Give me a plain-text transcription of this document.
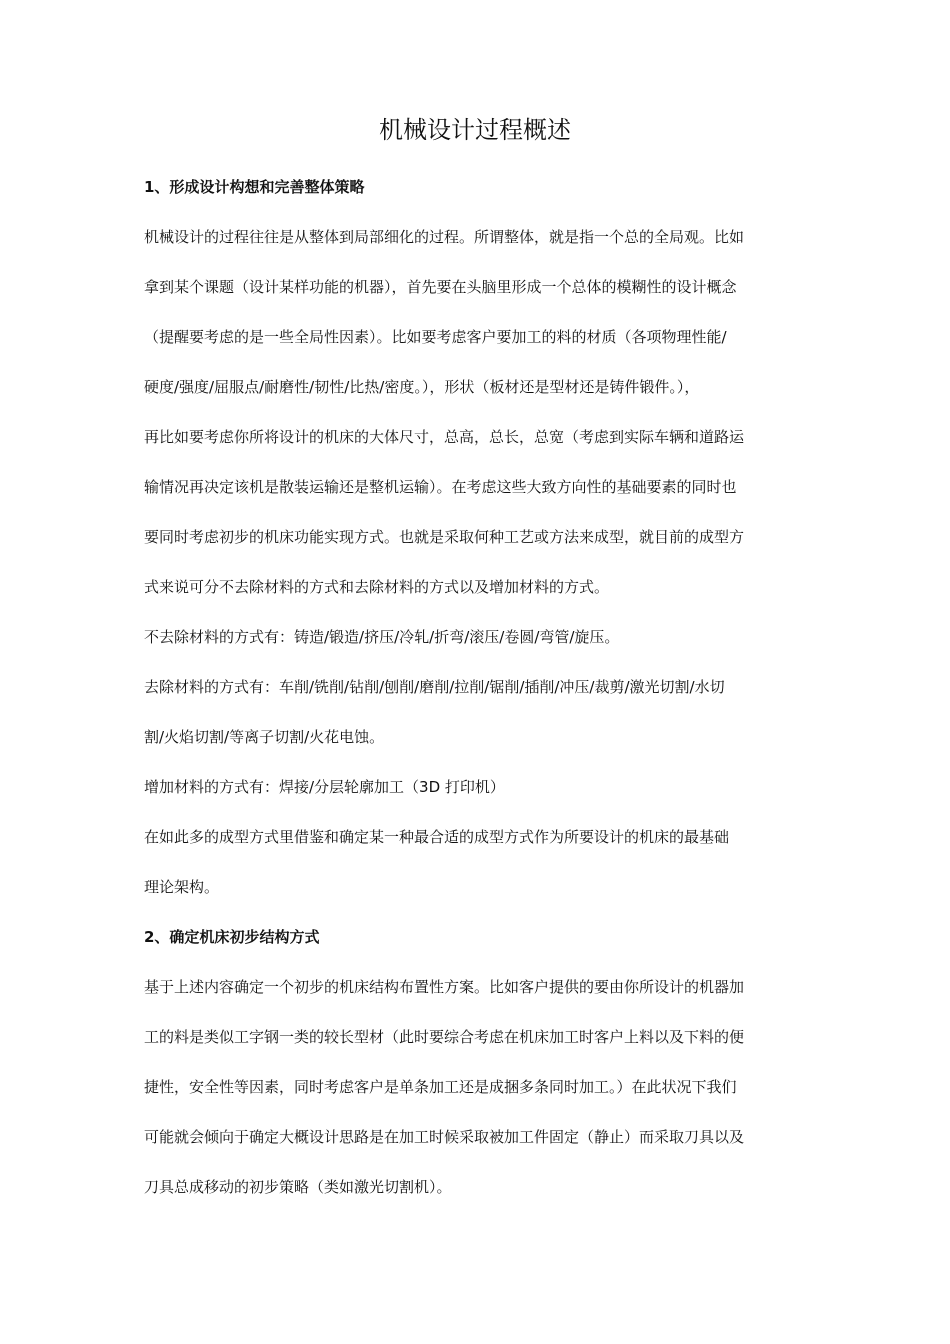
机械设计过程概述
1、形成设计构想和完善整体策略

机械设计的过程往往是从整体到局部细化的过程。所谓整体，就是指一个总的全局观。比如
拿到某个课题（设计某样功能的机器），首先要在头脑里形成一个总体的模糊性的设计概念
（提醒要考虑的是一些全局性因素）。比如要考虑客户要加工的料的材质（各项物理性能/
硬度/强度/屈服点/耐磨性/韧性/比热/密度。），形状（板材还是型材还是铸件锻件。），
再比如要考虑你所将设计的机床的大体尺寸，总高，总长，总宽（考虑到实际车辆和道路运
输情况再决定该机是散装运输还是整机运输）。在考虑这些大致方向性的基础要素的同时也
要同时考虑初步的机床功能实现方式。也就是采取何种工艺或方法来成型，就目前的成型方
式来说可分不去除材料的方式和去除材料的方式以及增加材料的方式。

不去除材料的方式有：铸造/锻造/挤压/冷轧/折弯/滚压/卷圆/弯管/旋压。

去除材料的方式有：车削/铣削/钻削/刨削/磨削/拉削/锯削/插削/冲压/裁剪/激光切割/水切
割/火焰切割/等离子切割/火花电蚀。

增加材料的方式有：焊接/分层轮廓加工（3D 打印机）

在如此多的成型方式里借鉴和确定某一种最合适的成型方式作为所要设计的机床的最基础
理论架构。

2、确定机床初步结构方式

基于上述内容确定一个初步的机床结构布置性方案。比如客户提供的要由你所设计的机器加
工的料是类似工字钢一类的较长型材（此时要综合考虑在机床加工时客户上料以及下料的便
捷性，安全性等因素，同时考虑客户是单条加工还是成捆多条同时加工。）在此状况下我们
可能就会倾向于确定大概设计思路是在加工时候采取被加工件固定（静止）而采取刀具以及
刀具总成移动的初步策略（类如激光切割机）。
